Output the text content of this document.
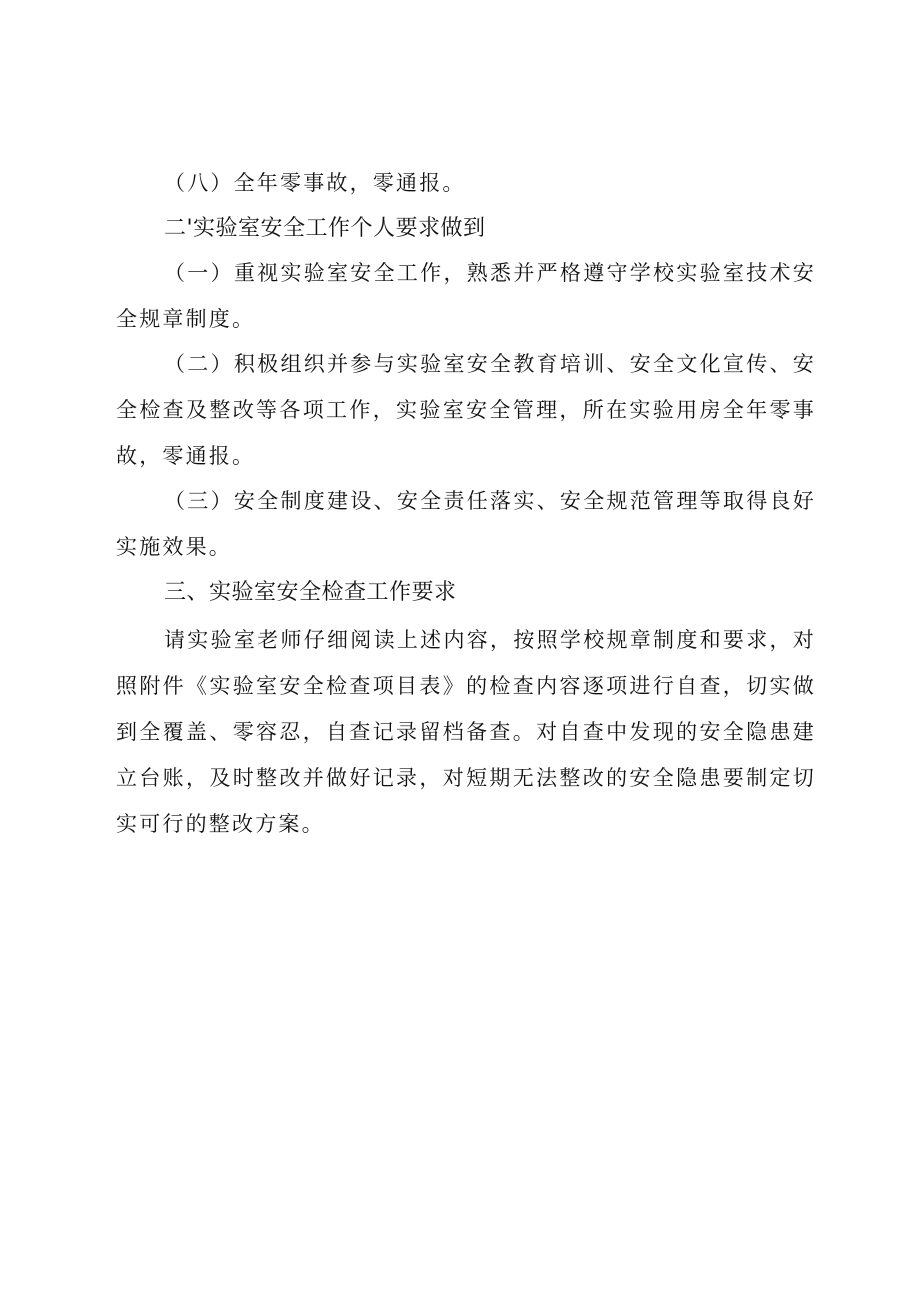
（八）全年零事故，零通报。

二'实验室安全工作个人要求做到

（一）重视实验室安全工作，熟悉并严格遵守学校实验室技术安全规章制度。

（二）积极组织并参与实验室安全教育培训、安全文化宣传、安全检查及整改等各项工作，实验室安全管理，所在实验用房全年零事故，零通报。

（三）安全制度建设、安全责任落实、安全规范管理等取得良好实施效果。

三、实验室安全检查工作要求

请实验室老师仔细阅读上述内容，按照学校规章制度和要求，对照附件《实验室安全检查项目表》的检查内容逐项进行自查，切实做到全覆盖、零容忍，自查记录留档备查。对自查中发现的安全隐患建立台账，及时整改并做好记录，对短期无法整改的安全隐患要制定切实可行的整改方案。
